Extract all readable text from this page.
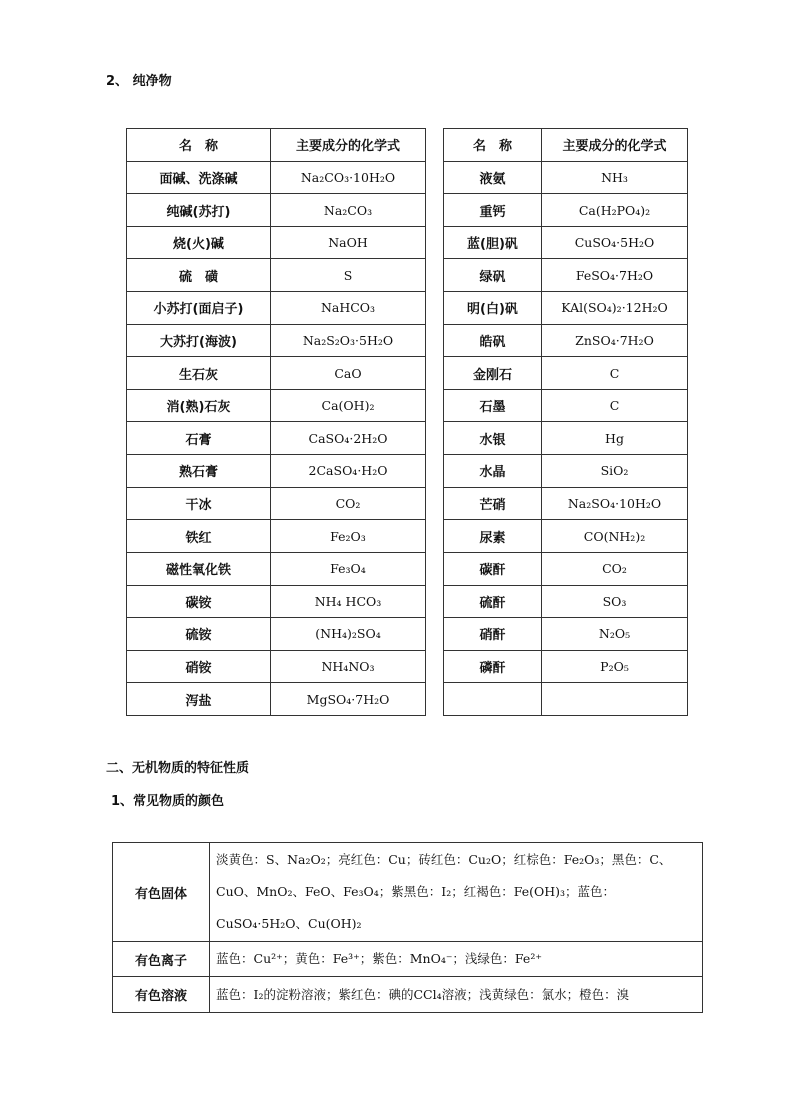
2、 纯净物
名　称	主要成分的化学式		名　称	主要成分的化学式
面碱、洗涤碱	Na₂CO₃·10H₂O		液氨	NH₃
纯碱(苏打)	Na₂CO₃		重钙	Ca(H₂PO₄)₂
烧(火)碱	NaOH		蓝(胆)矾	CuSO₄·5H₂O
硫　磺	S		绿矾	FeSO₄·7H₂O
小苏打(面启子)	NaHCO₃		明(白)矾	KAl(SO₄)₂·12H₂O
大苏打(海波)	Na₂S₂O₃·5H₂O		皓矾	ZnSO₄·7H₂O
生石灰	CaO		金刚石	C
消(熟)石灰	Ca(OH)₂		石墨	C
石膏	CaSO₄·2H₂O		水银	Hg
熟石膏	2CaSO₄·H₂O		水晶	SiO₂
干冰	CO₂		芒硝	Na₂SO₄·10H₂O
铁红	Fe₂O₃		尿素	CO(NH₂)₂
磁性氧化铁	Fe₃O₄		碳酐	CO₂
碳铵	NH₄ HCO₃		硫酐	SO₃
硫铵	(NH₄)₂SO₄		硝酐	N₂O₅
硝铵	NH₄NO₃		磷酐	P₂O₅
泻盐	MgSO₄·7H₂O			
二、无机物质的特征性质
1、常见物质的颜色
有色固体	淡黄色：S、Na₂O₂；亮红色：Cu；砖红色：Cu₂O；红棕色：Fe₂O₃；黑色：C、CuO、MnO₂、FeO、Fe₃O₄；紫黑色：I₂；红褐色：Fe(OH)₃；蓝色：CuSO₄·5H₂O、Cu(OH)₂
有色离子	蓝色：Cu²⁺；黄色：Fe³⁺；紫色：MnO₄⁻；浅绿色：Fe²⁺
有色溶液	蓝色：I₂的淀粉溶液；紫红色：碘的CCl₄溶液；浅黄绿色：氯水；橙色：溴
